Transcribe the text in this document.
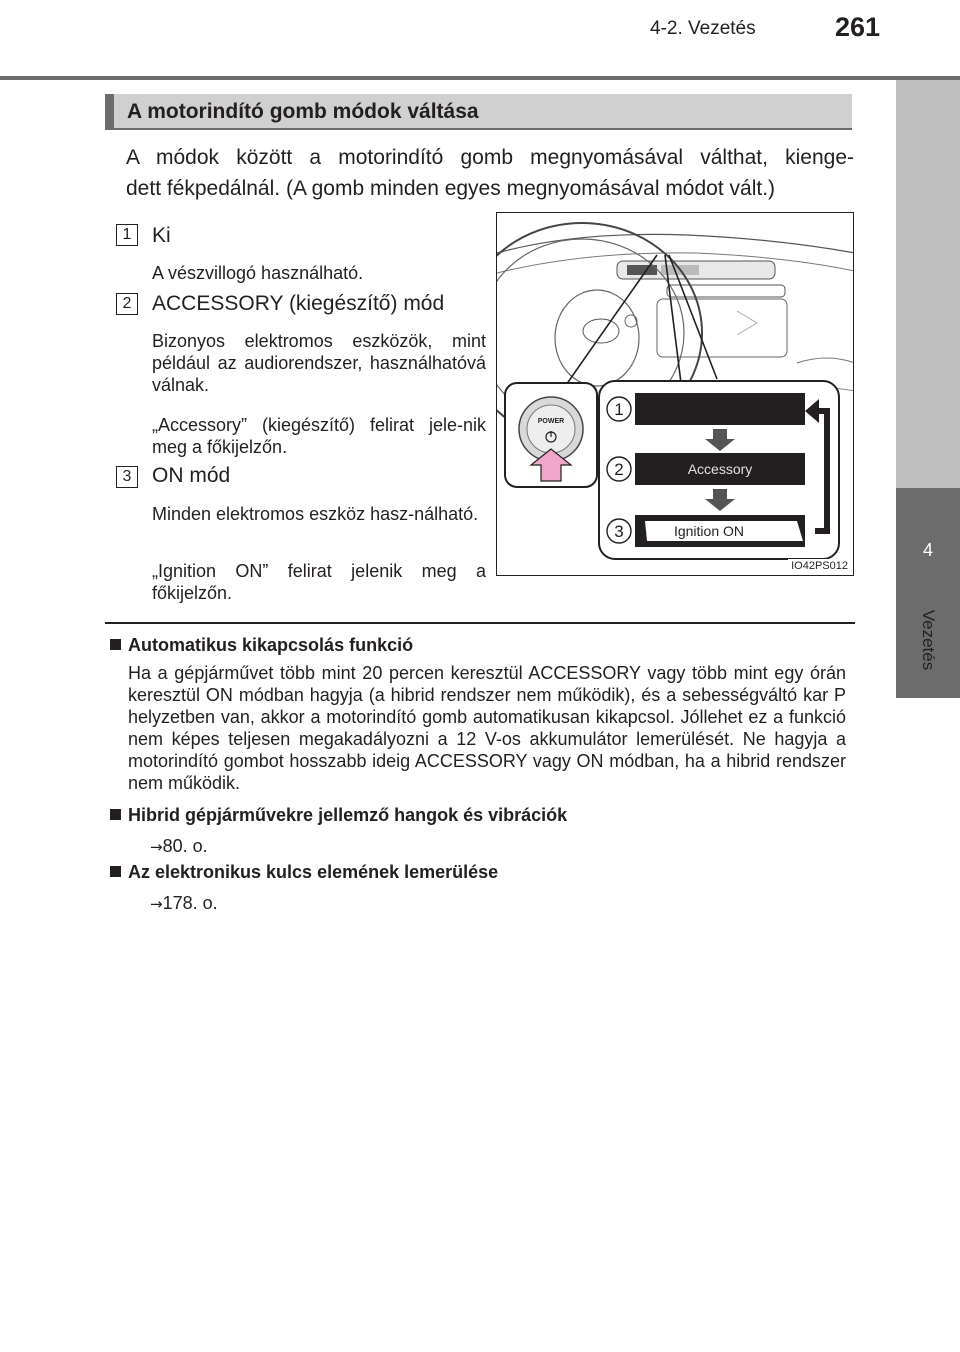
4-2. Vezetés	261
4
Vezetés
A motorindító gomb módok váltása
A módok között a motorindító gomb megnyomásával válthat, kienge-
dett fékpedálnál. (A gomb minden egyes megnyomásával módot vált.)
1 Ki
A vészvillogó használható.
2 ACCESSORY (kiegészítő) mód
Bizonyos elektromos eszközök, mint például az audiorendszer, használhatóvá válnak.
„Accessory” (kiegészítő) felirat jele-nik meg a főkijelzőn.
3 ON mód
Minden elektromos eszköz hasz-nálható.
„Ignition ON” felirat jelenik meg a főkijelzőn.
POWER
1
2
3
Accessory
Ignition ON
IO42PS012
Automatikus kikapcsolás funkció
Ha a gépjárművet több mint 20 percen keresztül ACCESSORY vagy több mint egy órán keresztül ON módban hagyja (a hibrid rendszer nem működik), és a sebességváltó kar P helyzetben van, akkor a motorindító gomb automatikusan kikapcsol. Jóllehet ez a funkció nem képes teljesen megakadályozni a 12 V-os akkumulátor lemerülését. Ne hagyja a motorindító gombot hosszabb ideig ACCESSORY vagy ON módban, ha a hibrid rendszer nem működik.
Hibrid gépjárművekre jellemző hangok és vibrációk
→80. o.
Az elektronikus kulcs elemének lemerülése
→178. o.
